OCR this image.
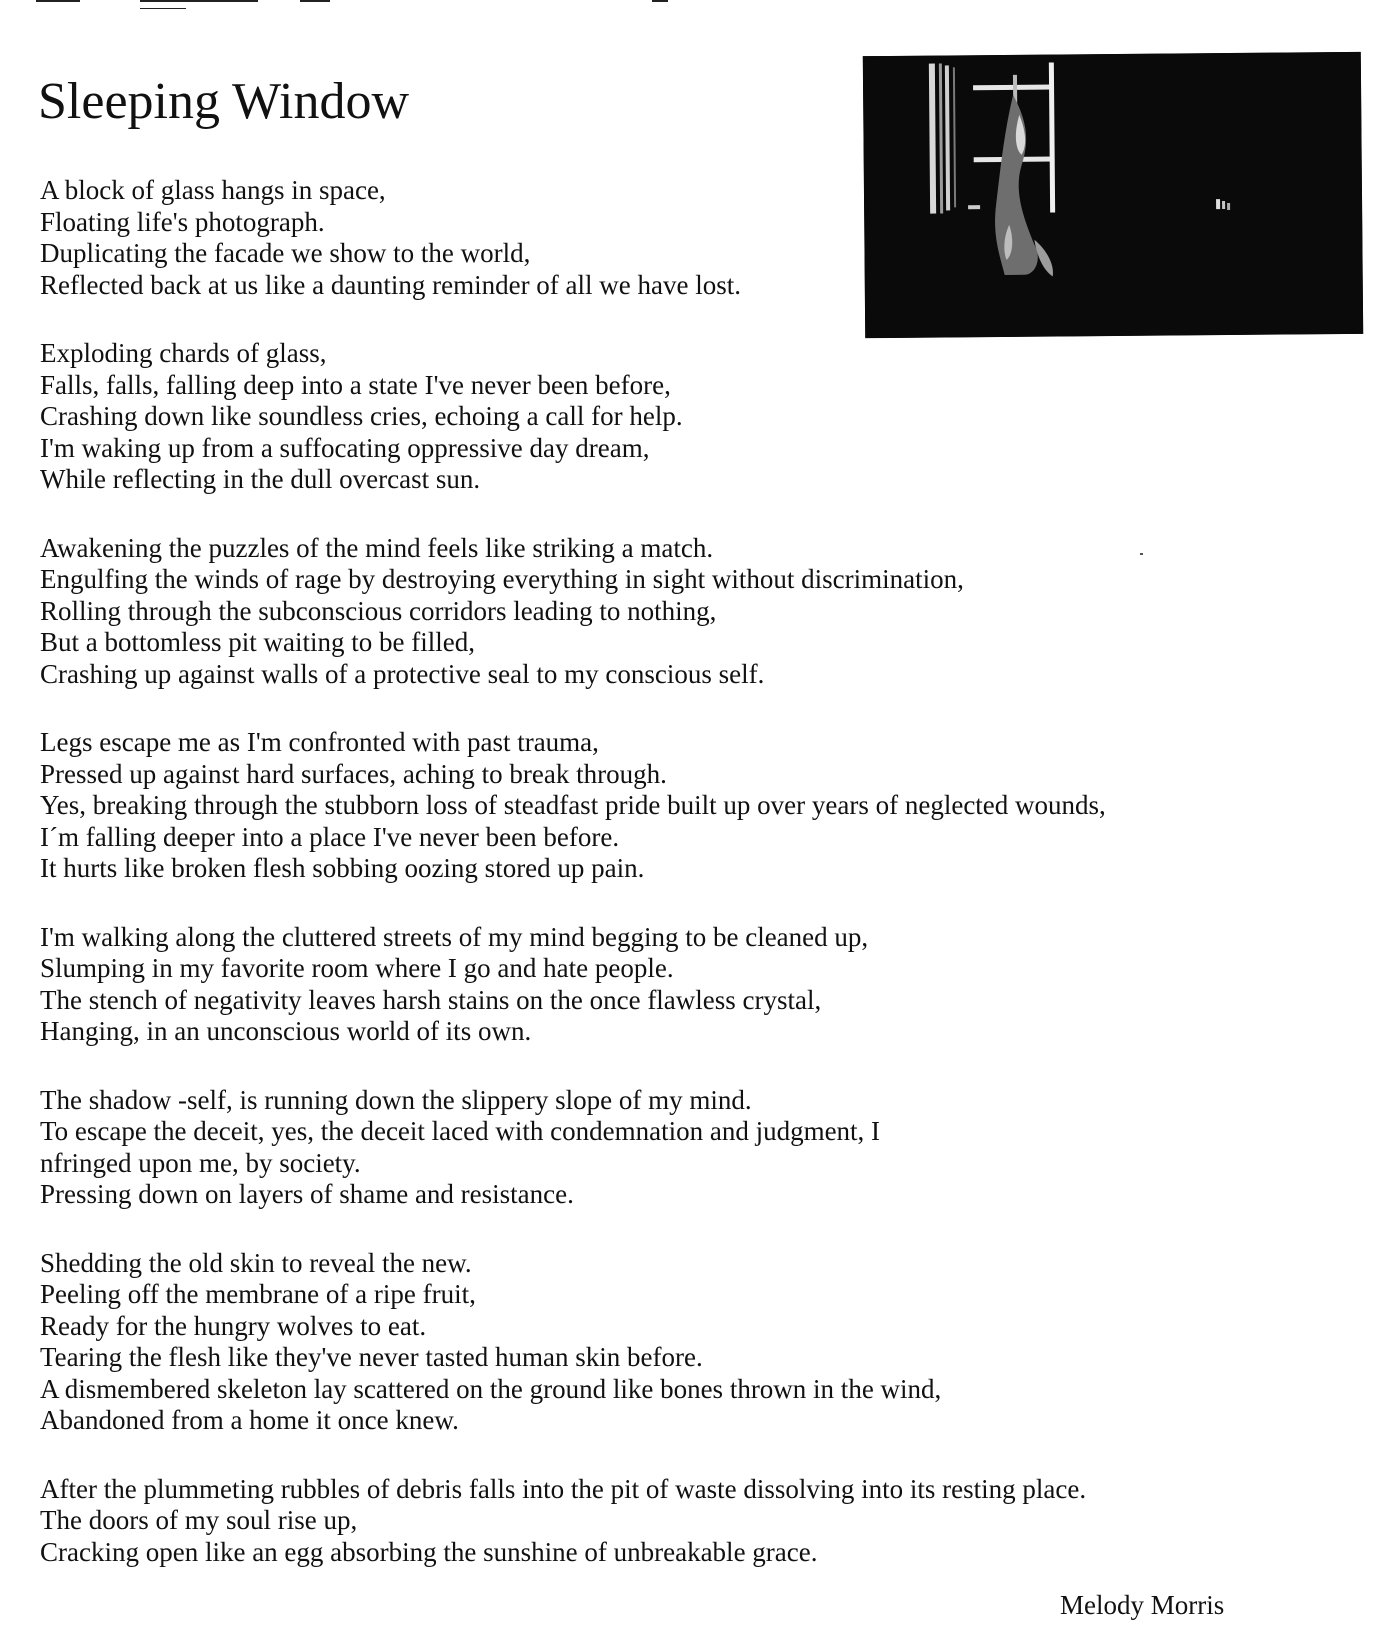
Sleeping Window
A block of glass hangs in space,
Floating life's photograph.
Duplicating the facade we show to the world,
Reflected back at us like a daunting reminder of all we have lost.
Exploding chards of glass,
Falls, falls, falling deep into a state I've never been before,
Crashing down like soundless cries, echoing a call for help.
I'm waking up from a suffocating oppressive day dream,
While reflecting in the dull overcast sun.
Awakening the puzzles of the mind feels like striking a match.
Engulfing the winds of rage by destroying everything in sight without discrimination,
Rolling through the subconscious corridors leading to nothing,
But a bottomless pit waiting to be filled,
Crashing up against walls of a protective seal to my conscious self.
Legs escape me as I'm confronted with past trauma,
Pressed up against hard surfaces, aching to break through.
Yes, breaking through the stubborn loss of steadfast pride built up over years of neglected wounds,
I´m falling deeper into a place I've never been before.
It hurts like broken flesh sobbing oozing stored up pain.
I'm walking along the cluttered streets of my mind begging to be cleaned up,
Slumping in my favorite room where I go and hate people.
The stench of negativity leaves harsh stains on the once flawless crystal,
Hanging, in an unconscious world of its own.
The shadow -self, is running down the slippery slope of my mind.
To escape the deceit, yes, the deceit laced with condemnation and judgment, I
nfringed upon me, by society.
Pressing down on layers of shame and resistance.
Shedding the old skin to reveal the new.
Peeling off the membrane of a ripe fruit,
Ready for the hungry wolves to eat.
Tearing the flesh like they've never tasted human skin before.
A dismembered skeleton lay scattered on the ground like bones thrown in the wind,
Abandoned from a home it once knew.
After the plummeting rubbles of debris falls into the pit of waste dissolving into its resting place.
The doors of my soul rise up,
Cracking open like an egg absorbing the sunshine of unbreakable grace.
Melody Morris
